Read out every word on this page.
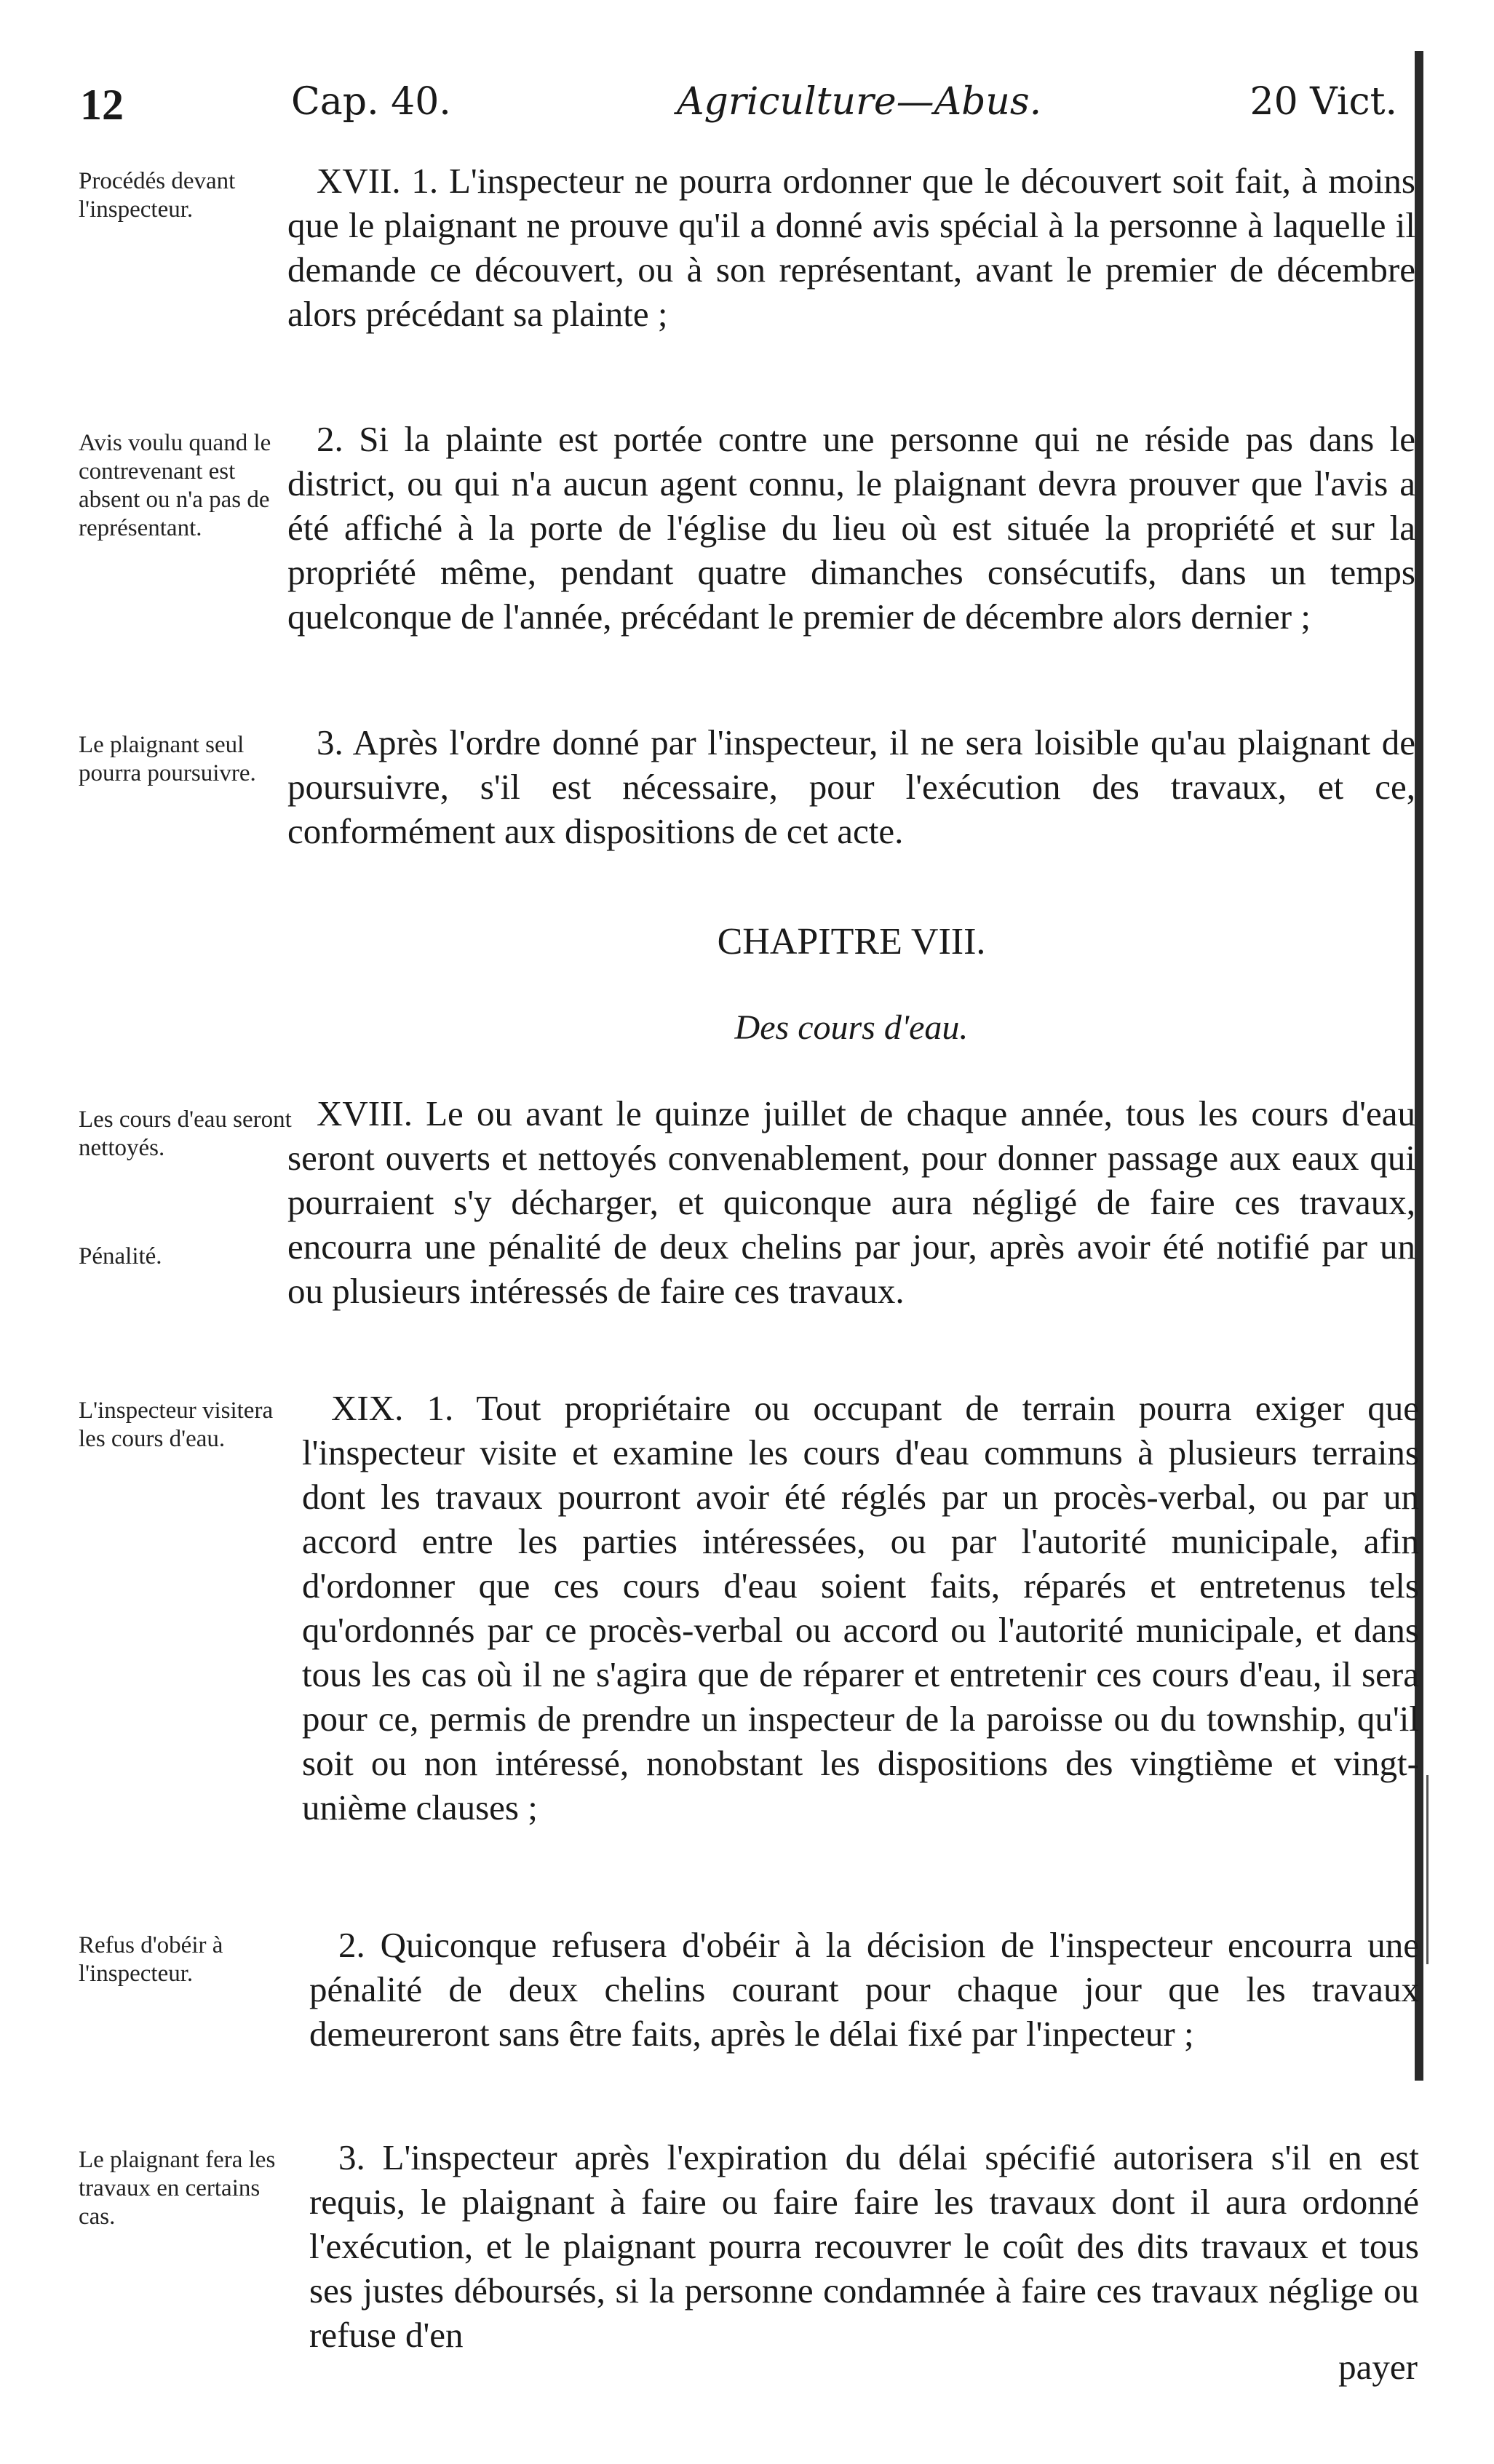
12	Cap. 40.	Agriculture—Abus.	20 Vict.
Procédés devant l'inspecteur.
XVII. 1. L'inspecteur ne pourra ordonner que le découvert soit fait, à moins que le plaignant ne prouve qu'il a donné avis spécial à la personne à laquelle il demande ce découvert, ou à son représentant, avant le premier de décembre alors précédant sa plainte ;
Avis voulu quand le contrevenant est absent ou n'a pas de représentant.
2. Si la plainte est portée contre une personne qui ne réside pas dans le district, ou qui n'a aucun agent connu, le plaignant devra prouver que l'avis a été affiché à la porte de l'église du lieu où est située la propriété et sur la propriété même, pendant quatre dimanches consécutifs, dans un temps quelconque de l'année, précédant le premier de décembre alors dernier ;
Le plaignant seul pourra poursuivre.
3. Après l'ordre donné par l'inspecteur, il ne sera loisible qu'au plaignant de poursuivre, s'il est nécessaire, pour l'exécution des travaux, et ce, conformément aux dispositions de cet acte.
CHAPITRE VIII.
Des cours d'eau.
Les cours d'eau seront nettoyés.
Pénalité.
XVIII. Le ou avant le quinze juillet de chaque année, tous les cours d'eau seront ouverts et nettoyés convenablement, pour donner passage aux eaux qui pourraient s'y décharger, et quiconque aura négligé de faire ces travaux, encourra une pénalité de deux chelins par jour, après avoir été notifié par un ou plusieurs intéressés de faire ces travaux.
L'inspecteur visitera les cours d'eau.
XIX. 1. Tout propriétaire ou occupant de terrain pourra exiger que l'inspecteur visite et examine les cours d'eau communs à plusieurs terrains dont les travaux pourront avoir été réglés par un procès-verbal, ou par un accord entre les parties intéressées, ou par l'autorité municipale, afin d'ordonner que ces cours d'eau soient faits, réparés et entretenus tels qu'ordonnés par ce procès-verbal ou accord ou l'autorité municipale, et dans tous les cas où il ne s'agira que de réparer et entretenir ces cours d'eau, il sera pour ce, permis de prendre un inspecteur de la paroisse ou du township, qu'il soit ou non intéressé, nonobstant les dispositions des vingtième et vingt-unième clauses ;
Refus d'obéir à l'inspecteur.
2. Quiconque refusera d'obéir à la décision de l'inspecteur encourra une pénalité de deux chelins courant pour chaque jour que les travaux demeureront sans être faits, après le délai fixé par l'inpecteur ;
Le plaignant fera les travaux en certains cas.
3. L'inspecteur après l'expiration du délai spécifié autorisera s'il en est requis, le plaignant à faire ou faire faire les travaux dont il aura ordonné l'exécution, et le plaignant pourra recouvrer le coût des dits travaux et tous ses justes déboursés, si la personne condamnée à faire ces travaux néglige ou refuse d'en
payer
